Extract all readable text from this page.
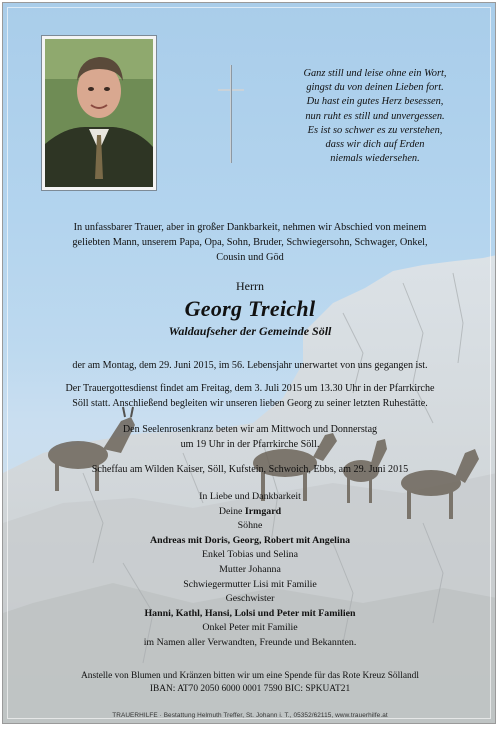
Ganz still und leise ohne ein Wort,
gingst du von deinen Lieben fort.
Du hast ein gutes Herz besessen,
nun ruht es still und unvergessen.
Es ist so schwer es zu verstehen,
dass wir dich auf Erden
niemals wiedersehen.
In unfassbarer Trauer, aber in großer Dankbarkeit, nehmen wir Abschied von meinem
geliebten Mann, unserem Papa, Opa, Sohn, Bruder, Schwiegersohn, Schwager, Onkel,
Cousin und Göd
Herrn
Georg Treichl
Waldaufseher der Gemeinde Söll
der am Montag, dem 29. Juni 2015, im 56. Lebensjahr unerwartet von uns gegangen ist.
Der Trauergottesdienst findet am Freitag, dem 3. Juli 2015 um 13.30 Uhr in der Pfarrkirche
Söll statt. Anschließend begleiten wir unseren lieben Georg zu seiner letzten Ruhestätte.
Den Seelenrosenkranz beten wir am Mittwoch und Donnerstag
um 19 Uhr in der Pfarrkirche Söll.
Scheffau am Wilden Kaiser, Söll, Kufstein, Schwoich, Ebbs, am 29. Juni 2015
In Liebe und Dankbarkeit
Deine Irmgard
Söhne
Andreas mit Doris, Georg, Robert mit Angelina
Enkel Tobias und Selina
Mutter Johanna
Schwiegermutter Lisi mit Familie
Geschwister
Hanni, Kathl, Hansi, Lolsi und Peter mit Familien
Onkel Peter mit Familie
im Namen aller Verwandten, Freunde und Bekannten.
Anstelle von Blumen und Kränzen bitten wir um eine Spende für das Rote Kreuz Söllandl
IBAN: AT70 2050 6000 0001 7590 BIC: SPKUAT21
TRAUERHILFE · Bestattung Helmuth Treffer, St. Johann i. T., 05352/62115, www.trauerhilfe.at
